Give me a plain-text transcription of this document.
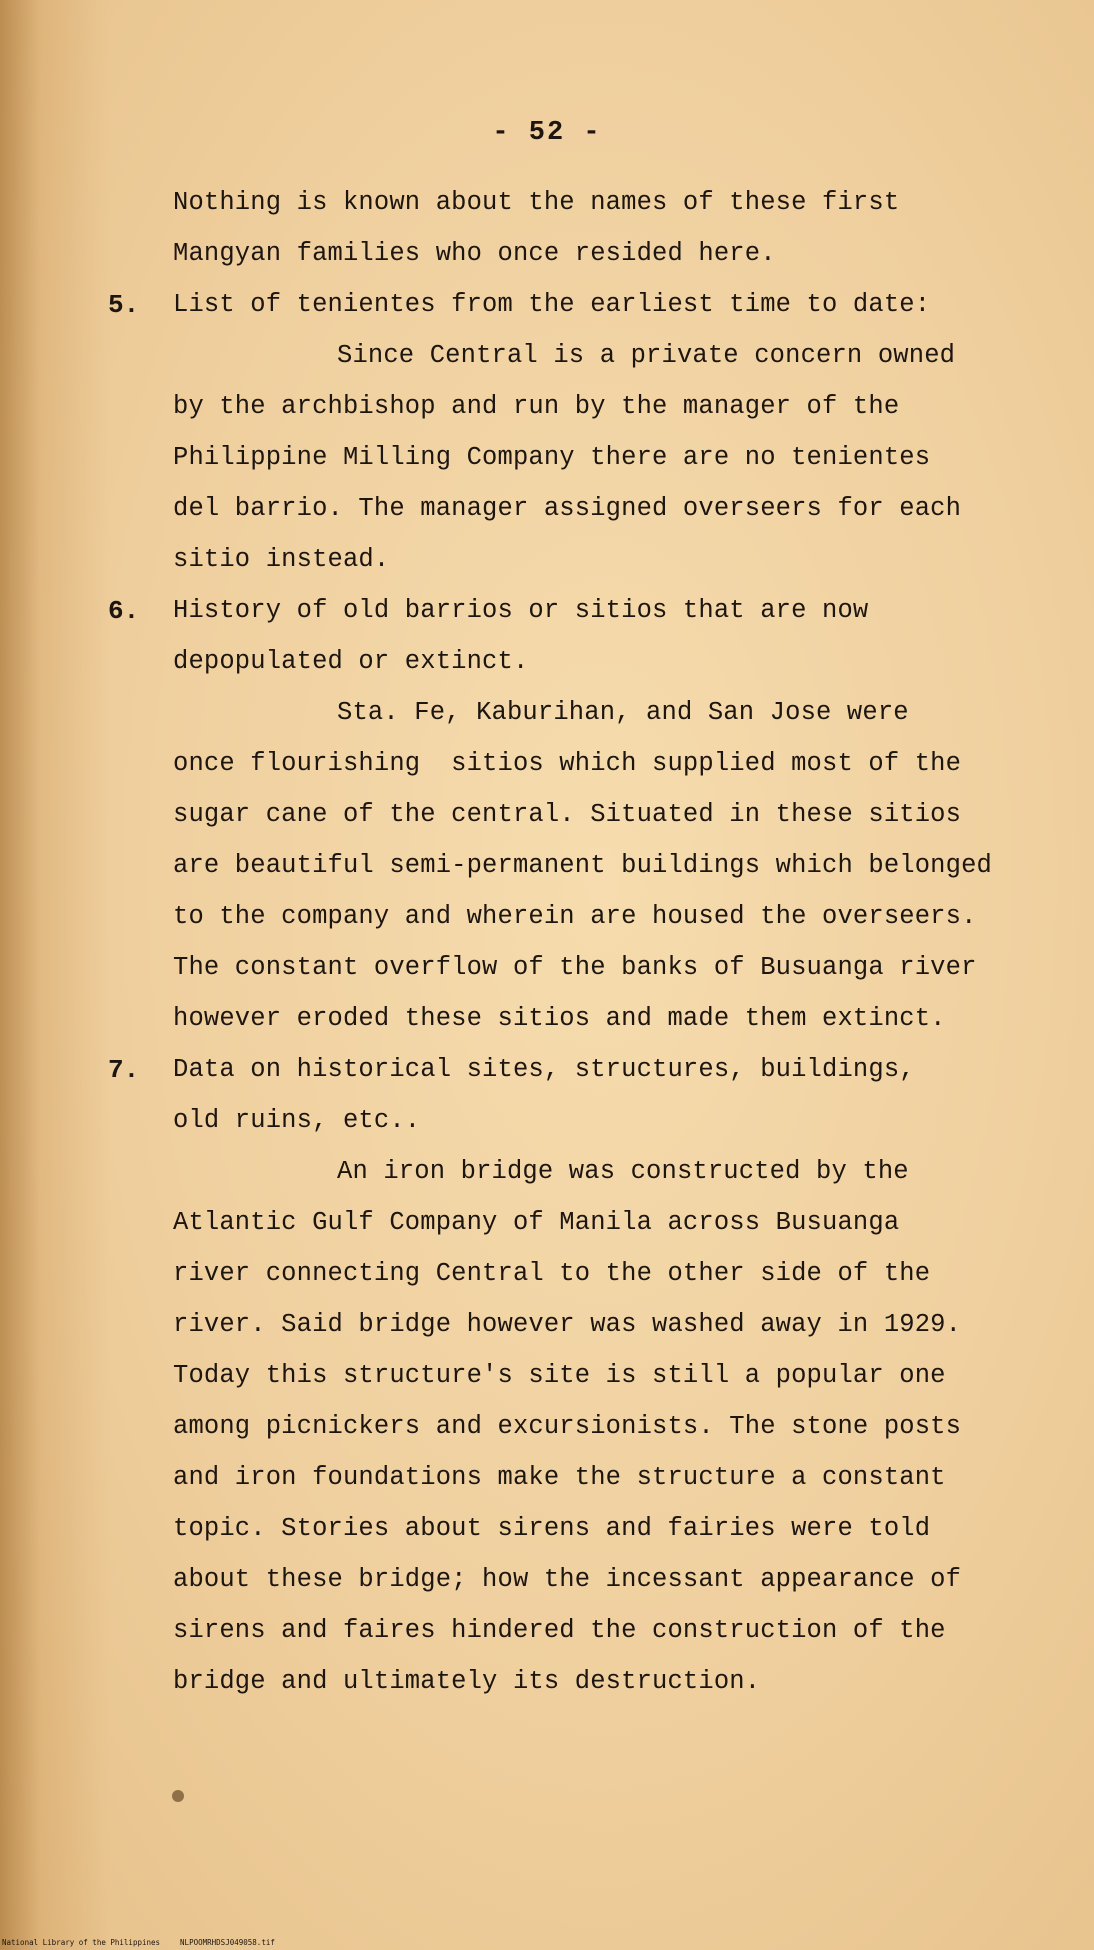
- 52 -
Nothing is known about the names of these first
Mangyan families who once resided here.
5. List of tenientes from the earliest time to date:
Since Central is a private concern owned
by the archbishop and run by the manager of the
Philippine Milling Company there are no tenientes
del barrio. The manager assigned overseers for each
sitio instead.
6. History of old barrios or sitios that are now
depopulated or extinct.
Sta. Fe, Kaburihan, and San Jose were
once flourishing  sitios which supplied most of the
sugar cane of the central. Situated in these sitios
are beautiful semi-permanent buildings which belonged
to the company and wherein are housed the overseers.
The constant overflow of the banks of Busuanga river
however eroded these sitios and made them extinct.
7. Data on historical sites, structures, buildings,
old ruins, etc..
An iron bridge was constructed by the
Atlantic Gulf Company of Manila across Busuanga
river connecting Central to the other side of the
river. Said bridge however was washed away in 1929.
Today this structure's site is still a popular one
among picnickers and excursionists. The stone posts
and iron foundations make the structure a constant
topic. Stories about sirens and fairies were told
about these bridge; how the incessant appearance of
sirens and faires hindered the construction of the
bridge and ultimately its destruction.
National Library of the Philippines	NLPOOMRHDSJ049058.tif
